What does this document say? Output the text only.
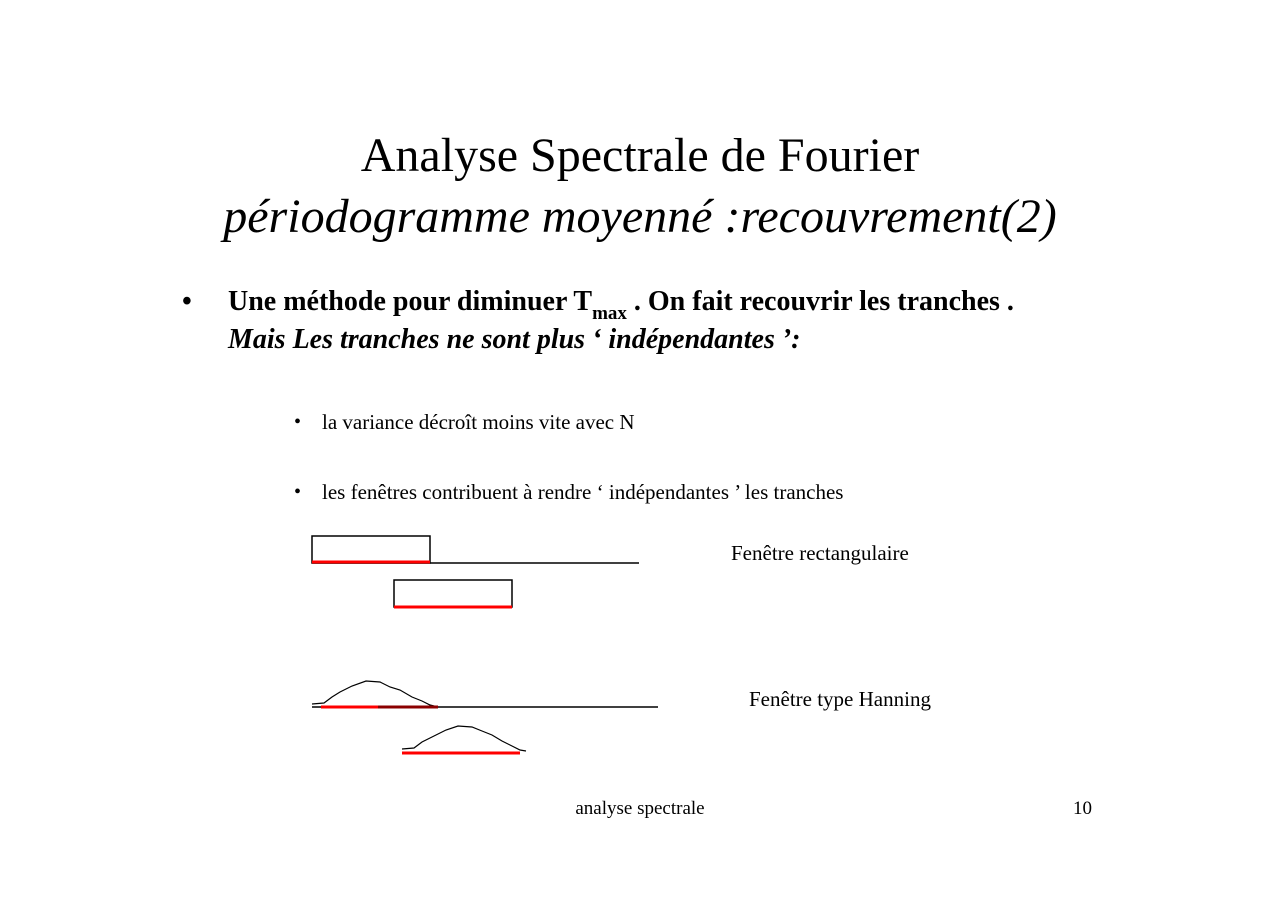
Analyse Spectrale de Fourier
périodogramme moyenné :recouvrement(2)
• Une méthode pour diminuer $T_{max}$ . On fait recouvrir les tranches .
Mais Les tranches ne sont plus ‘ indépendantes ’:
• la variance décroît moins vite avec N
• les fenêtres contribuent à rendre ‘ indépendantes ’ les tranches
Fenêtre rectangulaire
Fenêtre type Hanning
analyse spectrale	10
